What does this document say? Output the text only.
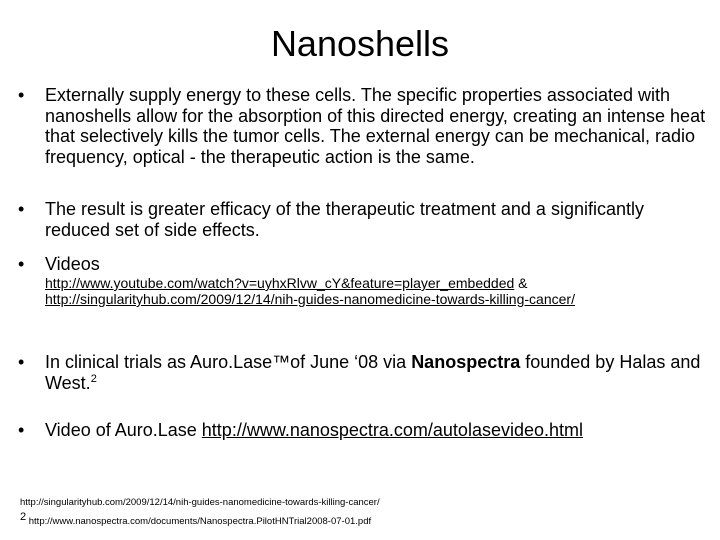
Nanoshells
• Externally supply energy to these cells. The specific properties associated with nanoshells allow for the absorption of this directed energy, creating an intense heat that selectively kills the tumor cells. The external energy can be mechanical, radio frequency, optical - the therapeutic action is the same.
• The result is greater efficacy of the therapeutic treatment and a significantly reduced set of side effects.
• Videos
http://www.youtube.com/watch?v=uyhxRlvw_cY&feature=player_embedded & http://singularityhub.com/2009/12/14/nih-guides-nanomedicine-towards-killing-cancer/
• In clinical trials as Auro.Lase™of June ‘08 via Nanospectra founded by Halas and West.$^2$
• Video of Auro.Lase http://www.nanospectra.com/autolasevideo.html
http://singularityhub.com/2009/12/14/nih-guides-nanomedicine-towards-killing-cancer/
$^2$ http://www.nanospectra.com/documents/Nanospectra.PilotHNTrial2008-07-01.pdf
